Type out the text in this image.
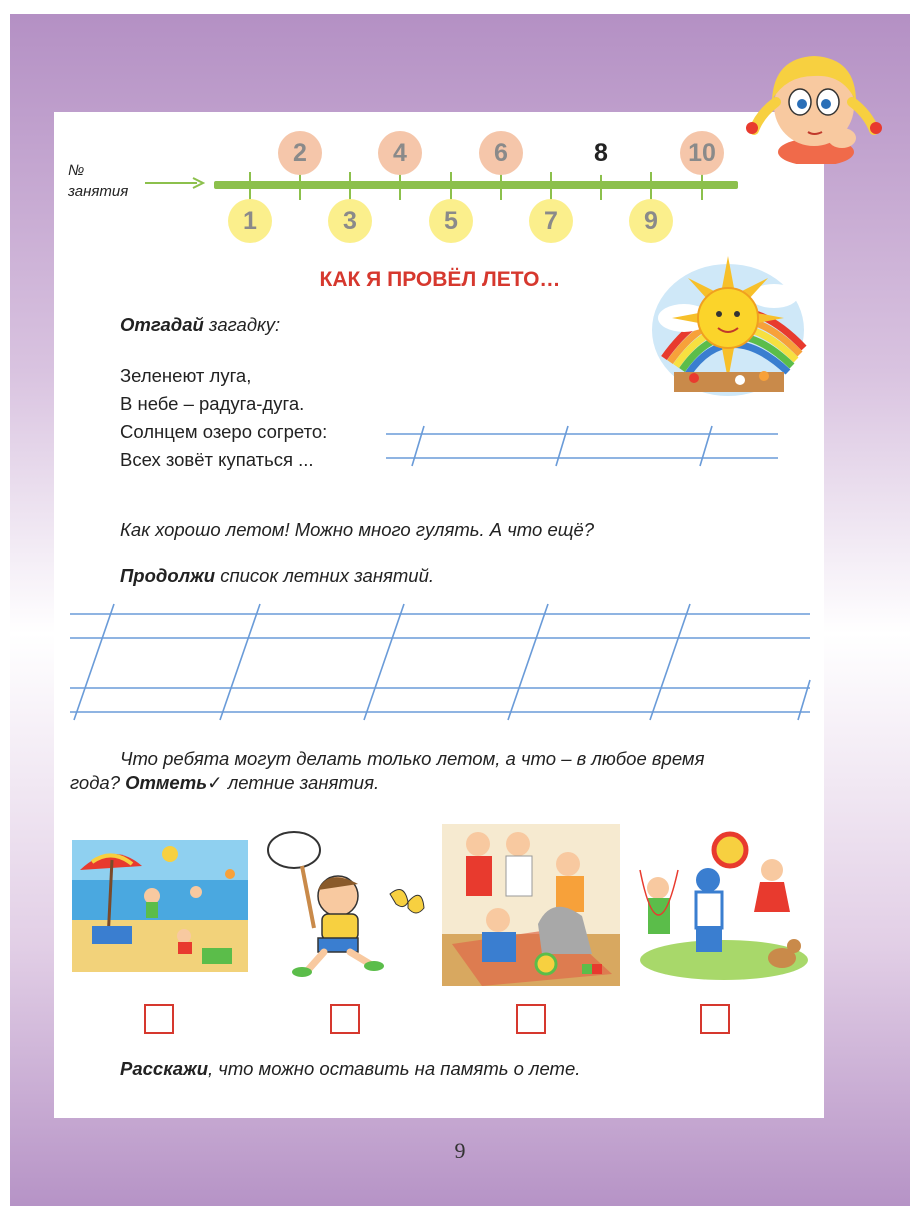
№
занятия
2	4	6	8	10
1	3	5	7	9
КАК Я ПРОВЁЛ ЛЕТО…
Отгадай загадку:
Зеленеют луга,
В небе – радуга-дуга.
Солнцем озеро согрето:
Всех зовёт купаться ...
Как хорошо летом! Можно много гулять. А что ещё?
Продолжи список летних занятий.
Что ребята могут делать только летом, а что – в любое время
года? Отметь✓ летние занятия.
Расскажи, что можно оставить на память о лете.
9
